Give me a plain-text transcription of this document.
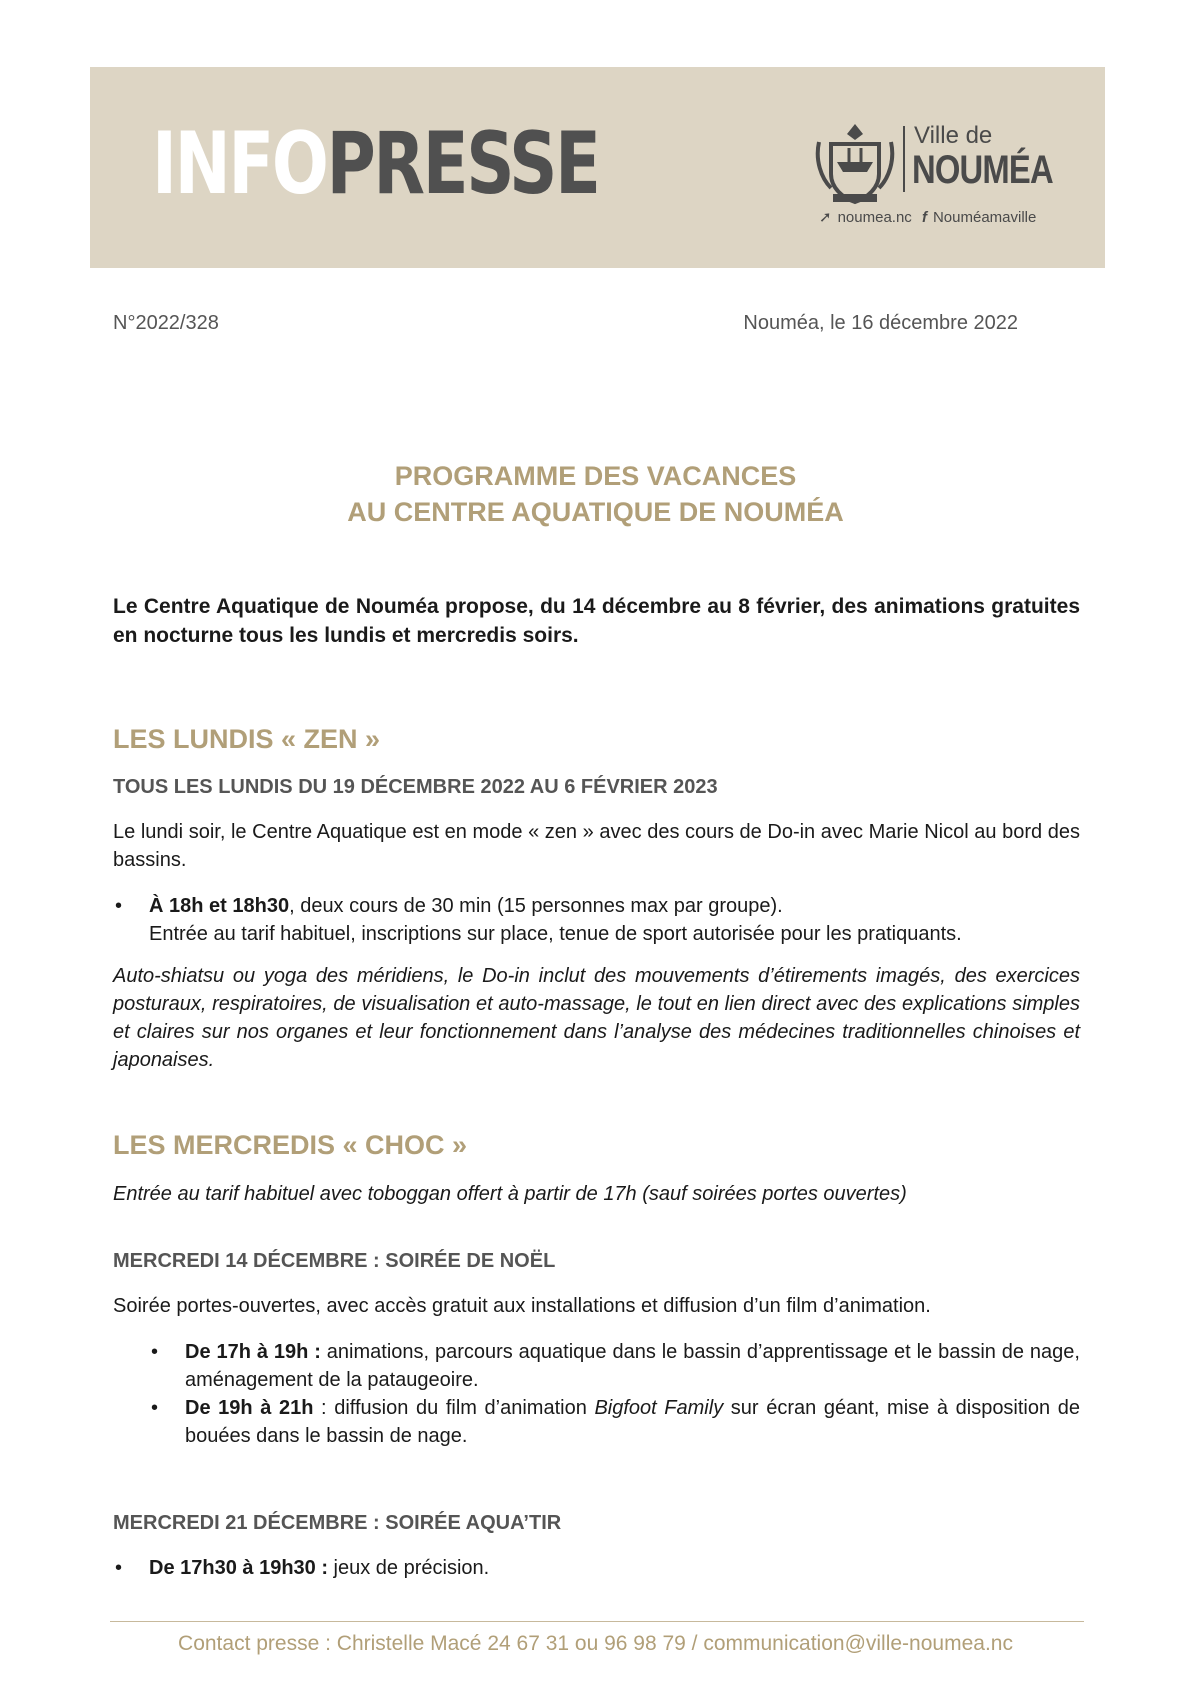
INFOPRESSE	Ville de
NOUMÉA
➚ noumea.nc f Nouméamaville
N°2022/328	Nouméa, le 16 décembre 2022
PROGRAMME DES VACANCES
AU CENTRE AQUATIQUE DE NOUMÉA
Le Centre Aquatique de Nouméa propose, du 14 décembre au 8 février, des animations gratuites en nocturne tous les lundis et mercredis soirs.
LES LUNDIS « ZEN »
TOUS LES LUNDIS DU 19 DÉCEMBRE 2022 AU 6 FÉVRIER 2023
Le lundi soir, le Centre Aquatique est en mode « zen » avec des cours de Do-in avec Marie Nicol au bord des bassins.
• À 18h et 18h30, deux cours de 30 min (15 personnes max par groupe).
Entrée au tarif habituel, inscriptions sur place, tenue de sport autorisée pour les pratiquants.
Auto-shiatsu ou yoga des méridiens, le Do-in inclut des mouvements d’étirements imagés, des exercices posturaux, respiratoires, de visualisation et auto-massage, le tout en lien direct avec des explications simples et claires sur nos organes et leur fonctionnement dans l’analyse des médecines traditionnelles chinoises et japonaises.
LES MERCREDIS « CHOC »
Entrée au tarif habituel avec toboggan offert à partir de 17h (sauf soirées portes ouvertes)
MERCREDI 14 DÉCEMBRE : SOIRÉE DE NOËL
Soirée portes-ouvertes, avec accès gratuit aux installations et diffusion d’un film d’animation.
• De 17h à 19h : animations, parcours aquatique dans le bassin d’apprentissage et le bassin de nage, aménagement de la pataugeoire.
• De 19h à 21h : diffusion du film d’animation Bigfoot Family sur écran géant, mise à disposition de bouées dans le bassin de nage.
MERCREDI 21 DÉCEMBRE : SOIRÉE AQUA’TIR
• De 17h30 à 19h30 : jeux de précision.
Contact presse : Christelle Macé 24 67 31 ou 96 98 79 / communication@ville-noumea.nc
